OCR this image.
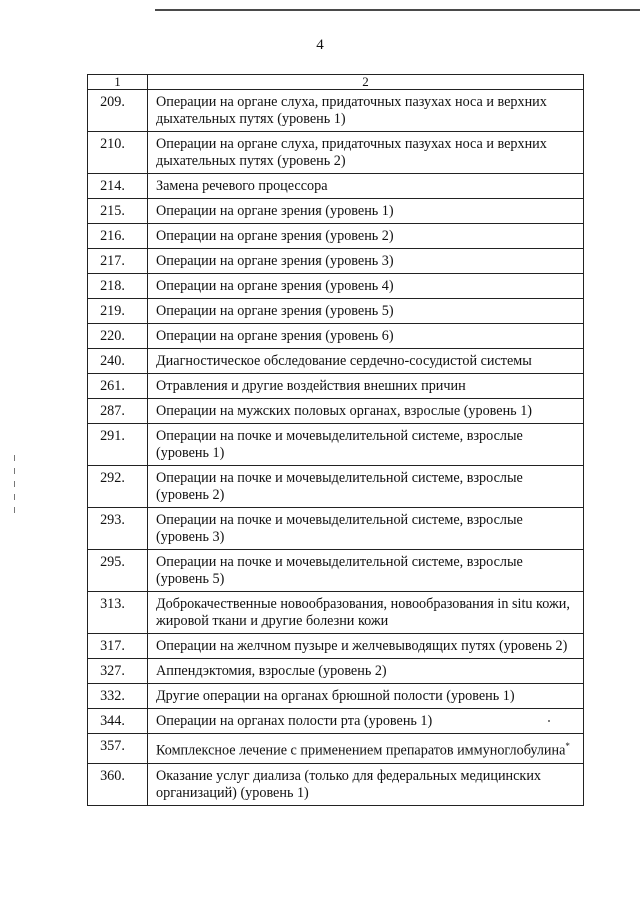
4
1	2
209.	Операции на органе слуха, придаточных пазухах носа и верхних дыхательных путях (уровень 1)
210.	Операции на органе слуха, придаточных пазухах носа и верхних дыхательных путях (уровень 2)
214.	Замена речевого процессора
215.	Операции на органе зрения (уровень 1)
216.	Операции на органе зрения (уровень 2)
217.	Операции на органе зрения (уровень 3)
218.	Операции на органе зрения (уровень 4)
219.	Операции на органе зрения (уровень 5)
220.	Операции на органе зрения (уровень 6)
240.	Диагностическое обследование сердечно-сосудистой системы
261.	Отравления и другие воздействия внешних причин
287.	Операции на мужских половых органах, взрослые (уровень 1)
291.	Операции на почке и мочевыделительной системе, взрослые (уровень 1)
292.	Операции на почке и мочевыделительной системе, взрослые (уровень 2)
293.	Операции на почке и мочевыделительной системе, взрослые (уровень 3)
295.	Операции на почке и мочевыделительной системе, взрослые (уровень 5)
313.	Доброкачественные новообразования, новообразования in situ кожи, жировой ткани и другие болезни кожи
317.	Операции на желчном пузыре и желчевыводящих путях (уровень 2)
327.	Аппендэктомия, взрослые (уровень 2)
332.	Другие операции на органах брюшной полости (уровень 1)
344.	Операции на органах полости рта (уровень 1)
357.	Комплексное лечение с применением препаратов иммуноглобулина*
360.	Оказание услуг диализа (только для федеральных медицинских организаций) (уровень 1)
